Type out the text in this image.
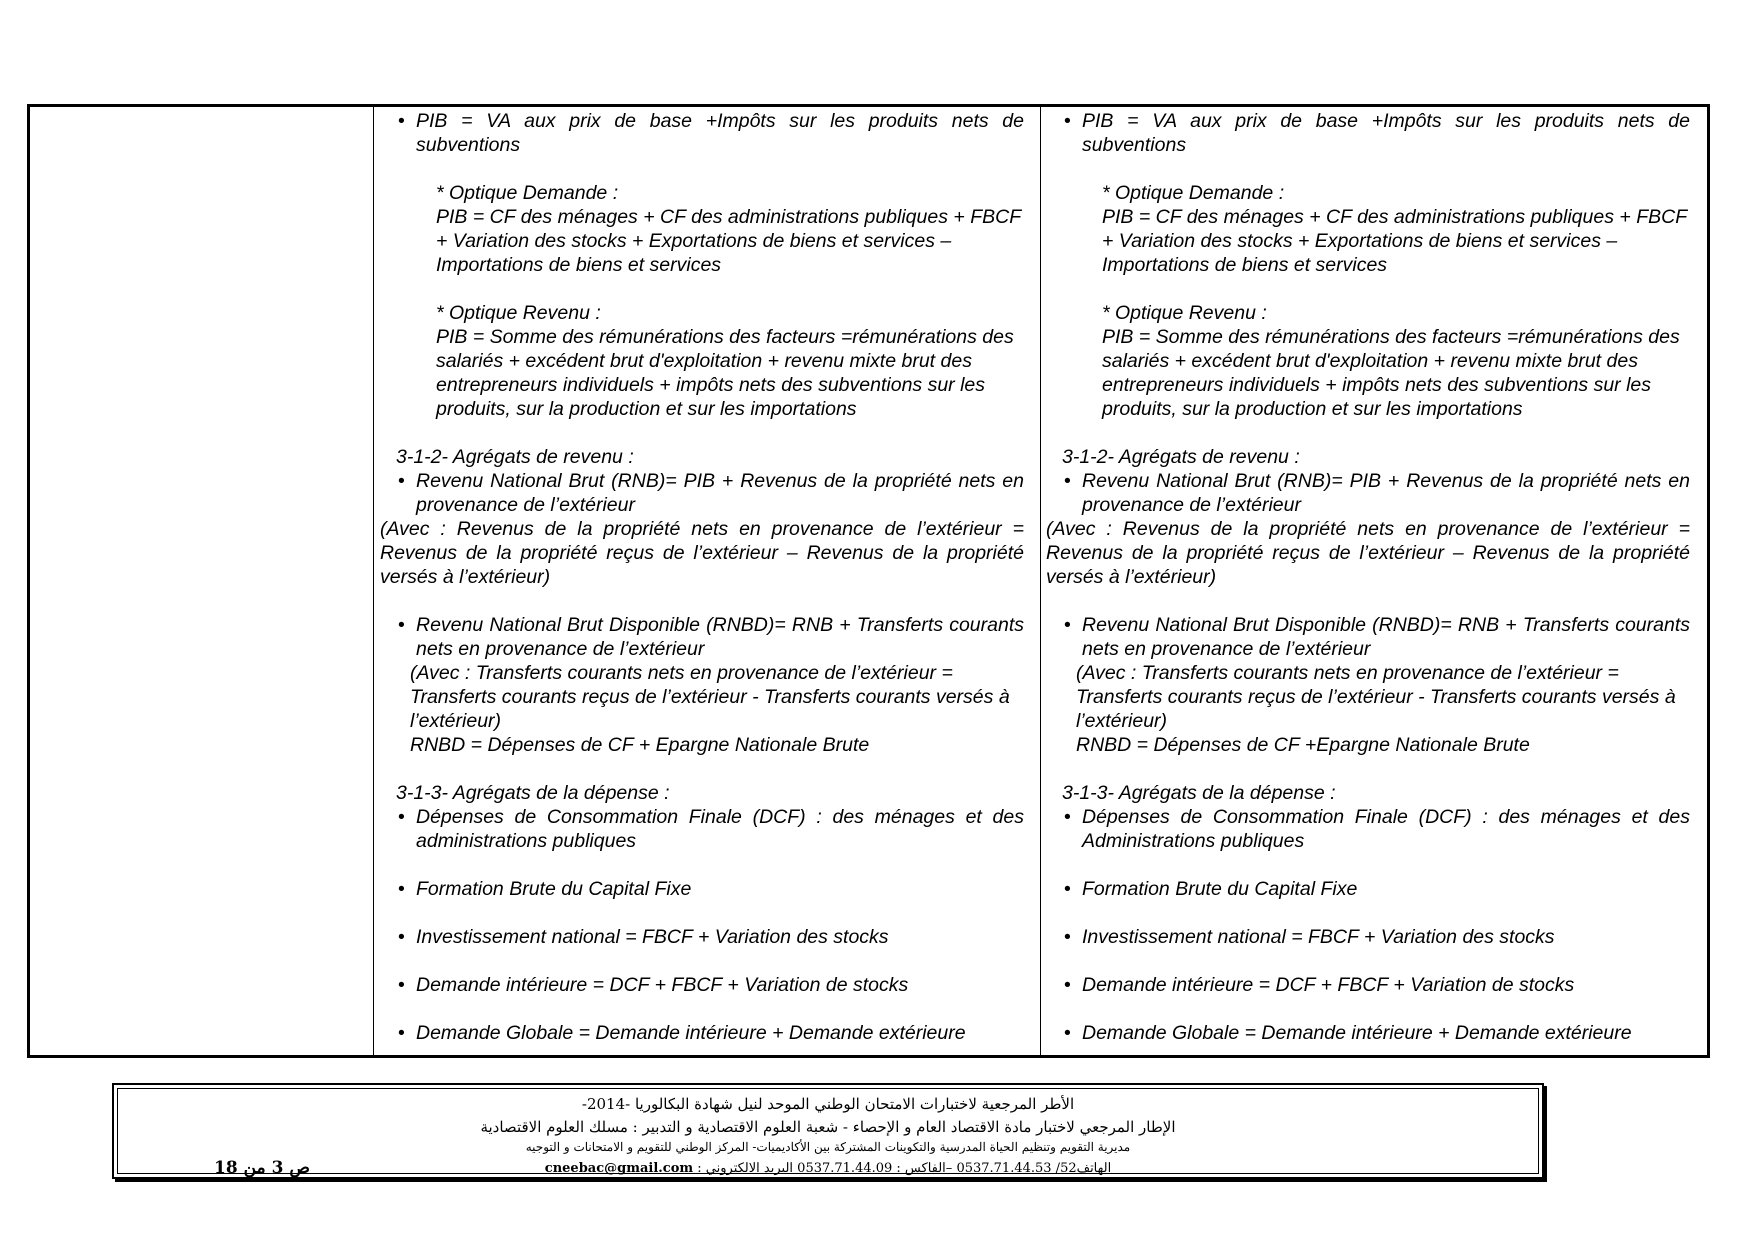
• PIB = VA aux prix de base +Impôts sur les produits nets de subventions
* Optique Demande :
PIB = CF des ménages + CF des administrations publiques + FBCF + Variation des stocks + Exportations de biens et services – Importations de biens et services
* Optique Revenu :
PIB = Somme des rémunérations des facteurs =rémunérations des salariés + excédent brut d'exploitation + revenu mixte brut des entrepreneurs individuels + impôts nets des subventions sur les produits, sur la production et sur les importations
3-1-2- Agrégats de revenu :
• Revenu National Brut (RNB)= PIB + Revenus de la propriété nets en provenance de l’extérieur
(Avec : Revenus de la propriété nets en provenance de l’extérieur = Revenus de la propriété reçus de l’extérieur – Revenus de la propriété versés à l’extérieur)
• Revenu National Brut Disponible (RNBD)= RNB + Transferts courants nets en provenance de l’extérieur
(Avec : Transferts courants nets en provenance de l’extérieur = Transferts courants reçus de l’extérieur - Transferts courants versés à l’extérieur)
RNBD = Dépenses de CF + Epargne Nationale Brute
3-1-3- Agrégats de la dépense :
• Dépenses de Consommation Finale (DCF) : des ménages et des administrations publiques
• Formation Brute du Capital Fixe
• Investissement national = FBCF + Variation des stocks
• Demande intérieure = DCF + FBCF + Variation de stocks
• Demande Globale = Demande intérieure + Demande extérieure
• PIB = VA aux prix de base +Impôts sur les produits nets de subventions
* Optique Demande :
PIB = CF des ménages + CF des administrations publiques + FBCF + Variation des stocks + Exportations de biens et services – Importations de biens et services
* Optique Revenu :
PIB = Somme des rémunérations des facteurs =rémunérations des salariés + excédent brut d'exploitation + revenu mixte brut des entrepreneurs individuels + impôts nets des subventions sur les produits, sur la production et sur les importations
3-1-2- Agrégats de revenu :
• Revenu National Brut (RNB)= PIB + Revenus de la propriété nets en provenance de l’extérieur
(Avec : Revenus de la propriété nets en provenance de l’extérieur = Revenus de la propriété reçus de l’extérieur – Revenus de la propriété versés à l’extérieur)
• Revenu National Brut Disponible (RNBD)= RNB + Transferts courants nets en provenance de l’extérieur
(Avec : Transferts courants nets en provenance de l’extérieur = Transferts courants reçus de l’extérieur - Transferts courants versés à l’extérieur)
RNBD = Dépenses de CF +Epargne Nationale Brute
3-1-3- Agrégats de la dépense :
• Dépenses de Consommation Finale (DCF) : des ménages et des Administrations publiques
• Formation Brute du Capital Fixe
• Investissement national = FBCF + Variation des stocks
• Demande intérieure = DCF + FBCF + Variation de stocks
• Demande Globale = Demande intérieure + Demande extérieure
الأطر المرجعية لاختبارات الامتحان الوطني الموحد لنيل شهادة البكالوريا -2014-
الإطار المرجعي لاختبار مادة الاقتصاد العام و الإحصاء - شعبة العلوم الاقتصادية و التدبير : مسلك العلوم الاقتصادية
مديرية التقويم وتنظيم الحياة المدرسية والتكوينات المشتركة بين الأكاديميات- المركز الوطني للتقويم و الامتحانات و التوجيه
الهاتف52/ 0537.71.44.53 –الفاكس : 0537.71.44.09 البريد الالكتروني : cneebac@gmail.com
ص 3 من 18
